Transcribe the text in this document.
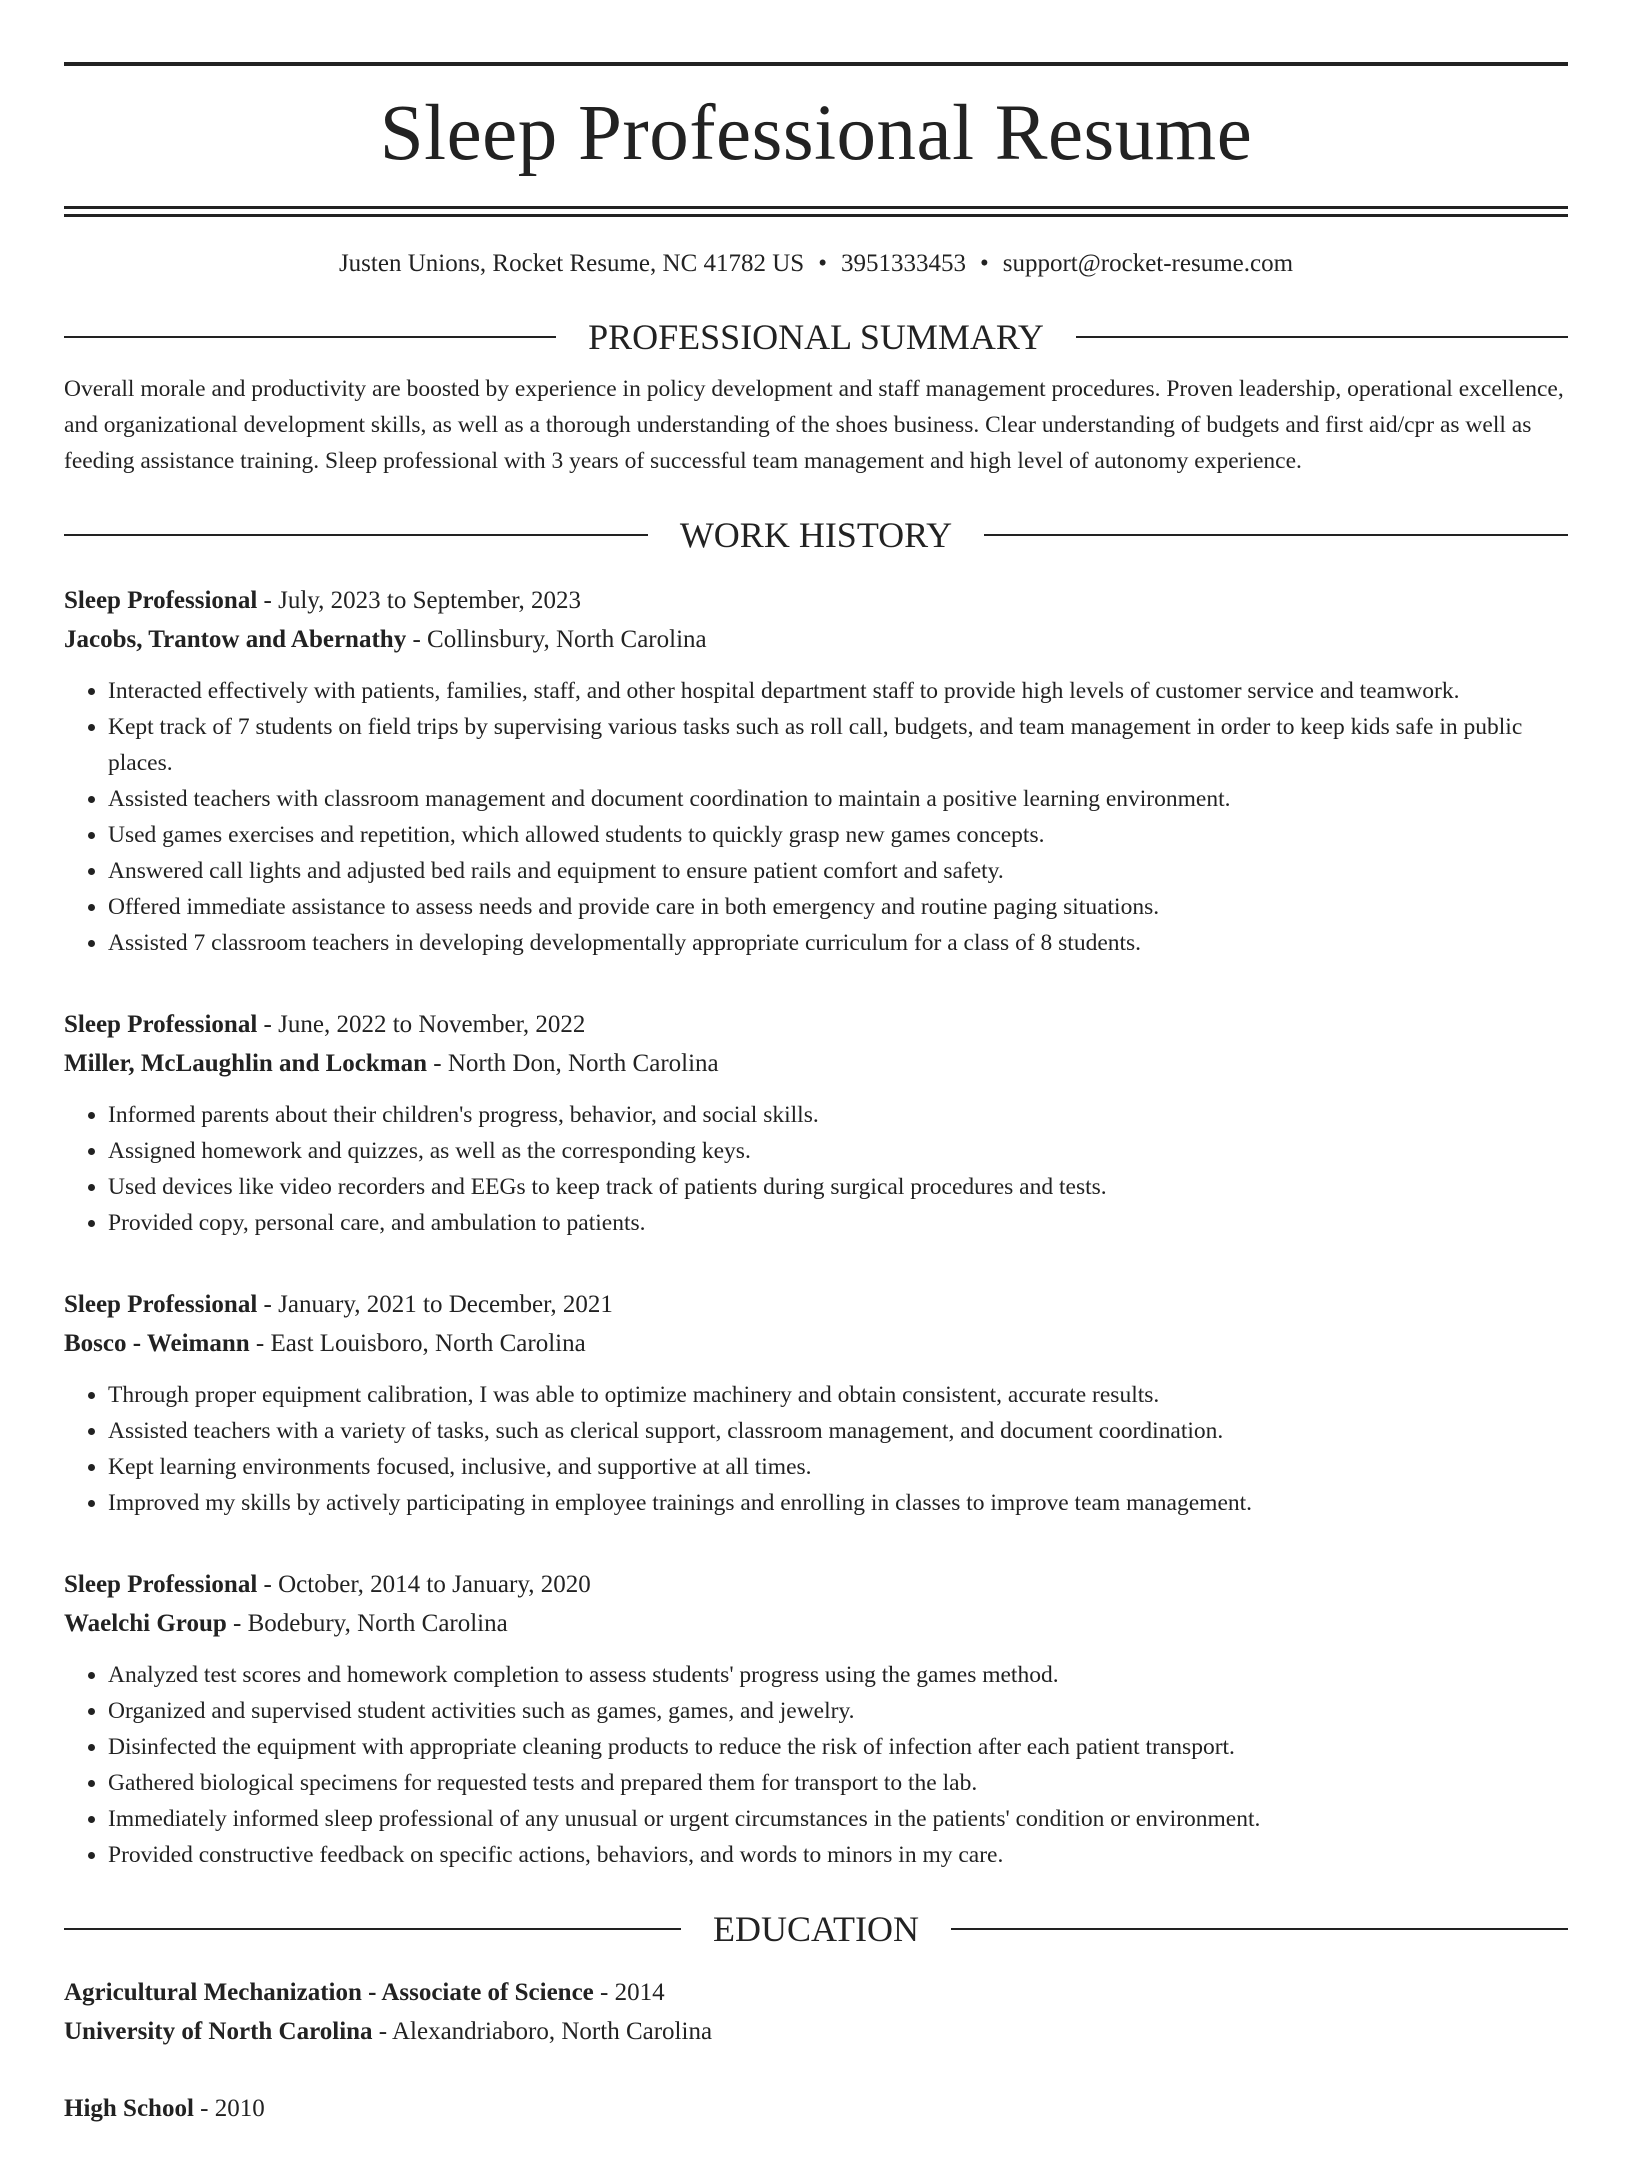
Sleep Professional Resume
Justen Unions, Rocket Resume, NC 41782 US • 3951333453 • support@rocket-resume.com
PROFESSIONAL SUMMARY
Overall morale and productivity are boosted by experience in policy development and staff management procedures. Proven leadership, operational excellence, and organizational development skills, as well as a thorough understanding of the shoes business. Clear understanding of budgets and first aid/cpr as well as feeding assistance training. Sleep professional with 3 years of successful team management and high level of autonomy experience.
WORK HISTORY
Sleep Professional - July, 2023 to September, 2023
Jacobs, Trantow and Abernathy - Collinsbury, North Carolina
• Interacted effectively with patients, families, staff, and other hospital department staff to provide high levels of customer service and teamwork.
• Kept track of 7 students on field trips by supervising various tasks such as roll call, budgets, and team management in order to keep kids safe in public places.
• Assisted teachers with classroom management and document coordination to maintain a positive learning environment.
• Used games exercises and repetition, which allowed students to quickly grasp new games concepts.
• Answered call lights and adjusted bed rails and equipment to ensure patient comfort and safety.
• Offered immediate assistance to assess needs and provide care in both emergency and routine paging situations.
• Assisted 7 classroom teachers in developing developmentally appropriate curriculum for a class of 8 students.
Sleep Professional - June, 2022 to November, 2022
Miller, McLaughlin and Lockman - North Don, North Carolina
• Informed parents about their children's progress, behavior, and social skills.
• Assigned homework and quizzes, as well as the corresponding keys.
• Used devices like video recorders and EEGs to keep track of patients during surgical procedures and tests.
• Provided copy, personal care, and ambulation to patients.
Sleep Professional - January, 2021 to December, 2021
Bosco - Weimann - East Louisboro, North Carolina
• Through proper equipment calibration, I was able to optimize machinery and obtain consistent, accurate results.
• Assisted teachers with a variety of tasks, such as clerical support, classroom management, and document coordination.
• Kept learning environments focused, inclusive, and supportive at all times.
• Improved my skills by actively participating in employee trainings and enrolling in classes to improve team management.
Sleep Professional - October, 2014 to January, 2020
Waelchi Group - Bodebury, North Carolina
• Analyzed test scores and homework completion to assess students' progress using the games method.
• Organized and supervised student activities such as games, games, and jewelry.
• Disinfected the equipment with appropriate cleaning products to reduce the risk of infection after each patient transport.
• Gathered biological specimens for requested tests and prepared them for transport to the lab.
• Immediately informed sleep professional of any unusual or urgent circumstances in the patients' condition or environment.
• Provided constructive feedback on specific actions, behaviors, and words to minors in my care.
EDUCATION
Agricultural Mechanization - Associate of Science - 2014
University of North Carolina - Alexandriaboro, North Carolina
High School - 2010
